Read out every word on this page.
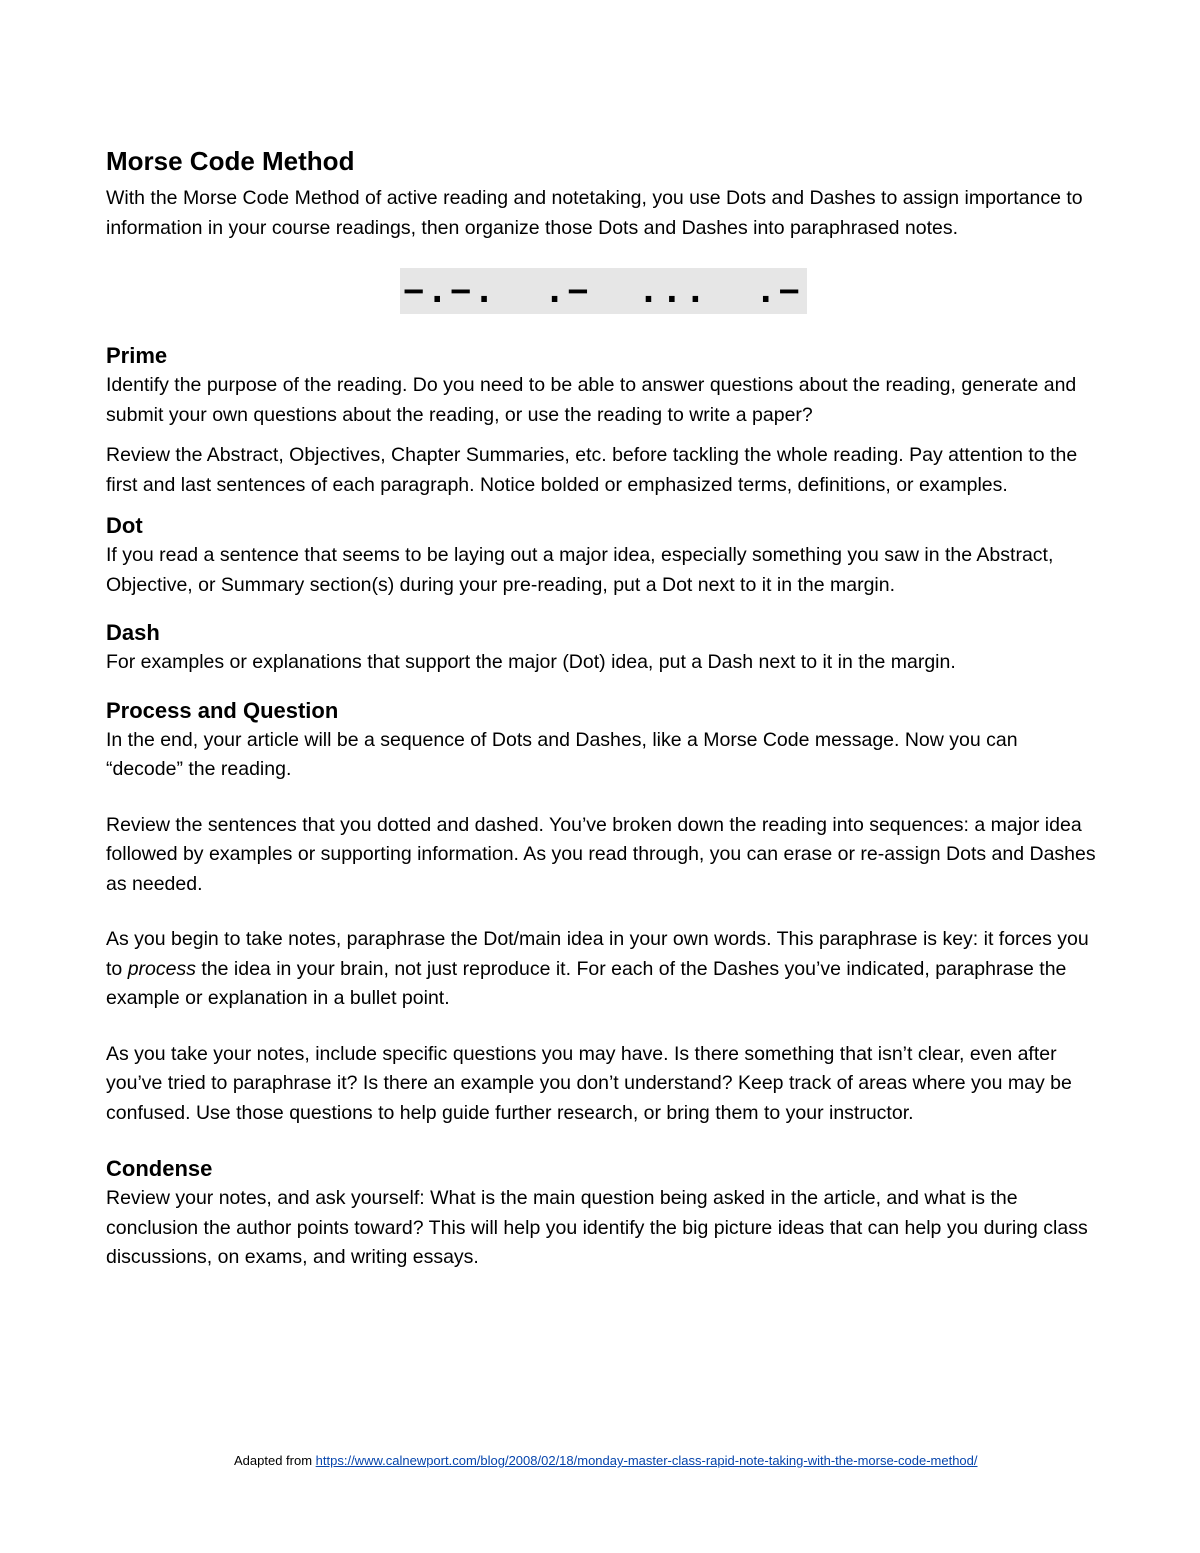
Morse Code Method

With the Morse Code Method of active reading and notetaking, you use Dots and Dashes to assign importance to information in your course readings, then organize those Dots and Dashes into paraphrased notes.

−.−.  .−  ...  .−
Prime

Identify the purpose of the reading. Do you need to be able to answer questions about the reading, generate and submit your own questions about the reading, or use the reading to write a paper?

Review the Abstract, Objectives, Chapter Summaries, etc. before tackling the whole reading. Pay attention to the first and last sentences of each paragraph. Notice bolded or emphasized terms, definitions, or examples.

Dot

If you read a sentence that seems to be laying out a major idea, especially something you saw in the Abstract, Objective, or Summary section(s) during your pre-reading, put a Dot next to it in the margin.

Dash

For examples or explanations that support the major (Dot) idea, put a Dash next to it in the margin.

Process and Question

In the end, your article will be a sequence of Dots and Dashes, like a Morse Code message. Now you can “decode” the reading.

Review the sentences that you dotted and dashed. You’ve broken down the reading into sequences: a major idea followed by examples or supporting information. As you read through, you can erase or re-assign Dots and Dashes as needed.

As you begin to take notes, paraphrase the Dot/main idea in your own words. This paraphrase is key: it forces you to process the idea in your brain, not just reproduce it. For each of the Dashes you’ve indicated, paraphrase the example or explanation in a bullet point.

As you take your notes, include specific questions you may have. Is there something that isn’t clear, even after you’ve tried to paraphrase it? Is there an example you don’t understand? Keep track of areas where you may be confused. Use those questions to help guide further research, or bring them to your instructor.

Condense

Review your notes, and ask yourself: What is the main question being asked in the article, and what is the conclusion the author points toward? This will help you identify the big picture ideas that can help you during class discussions, on exams, and writing essays.

Adapted from https://www.calnewport.com/blog/2008/02/18/monday-master-class-rapid-note-taking-with-the-morse-code-method/
